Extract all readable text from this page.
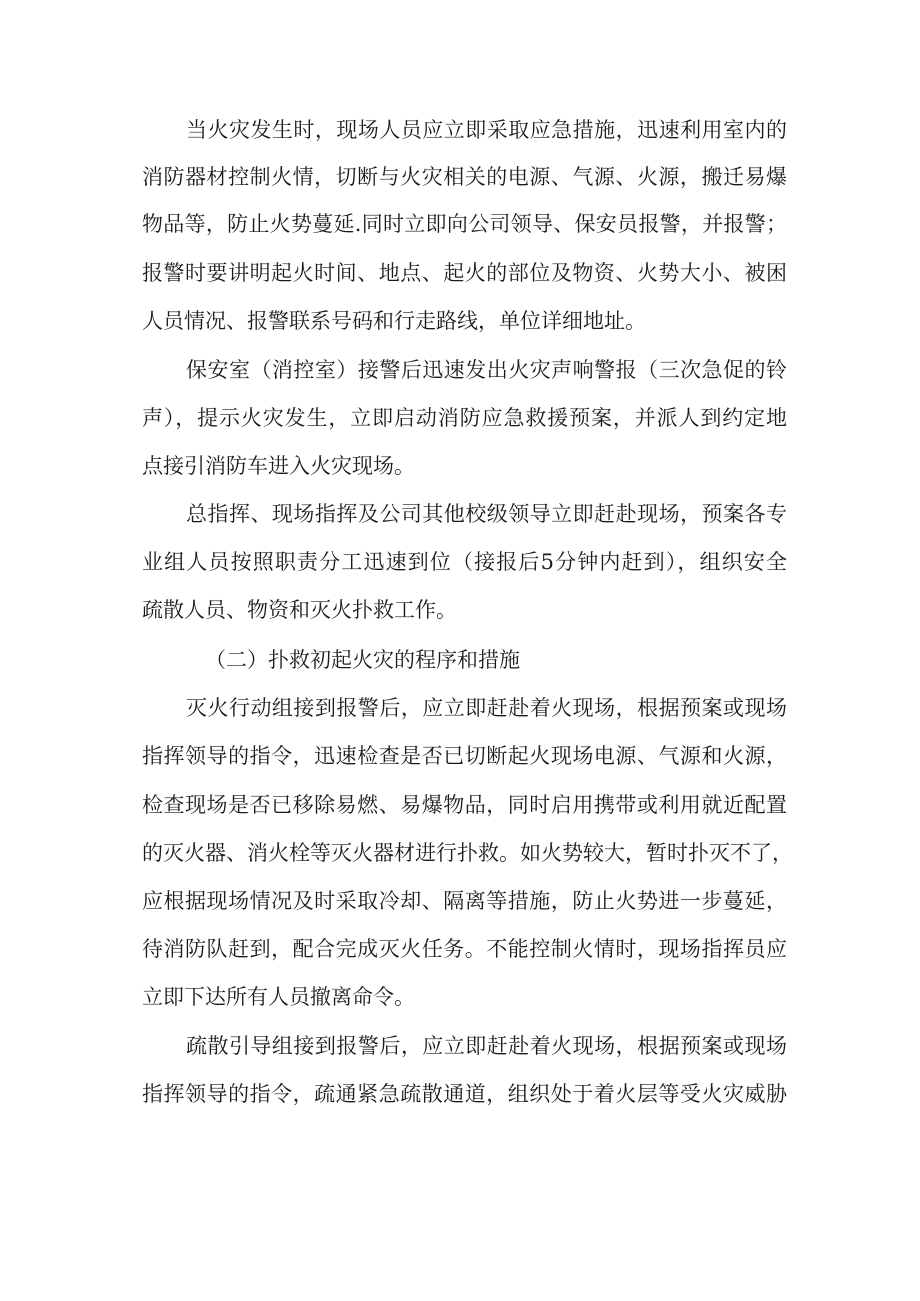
当火灾发生时，现场人员应立即采取应急措施，迅速利用室内的
消防器材控制火情，切断与火灾相关的电源、气源、火源，搬迁易爆
物品等，防止火势蔓延.同时立即向公司领导、保安员报警，并报警；
报警时要讲明起火时间、地点、起火的部位及物资、火势大小、被困
人员情况、报警联系号码和行走路线，单位详细地址。
保安室（消控室）接警后迅速发出火灾声响警报（三次急促的铃
声），提示火灾发生，立即启动消防应急救援预案，并派人到约定地
点接引消防车进入火灾现场。
总指挥、现场指挥及公司其他校级领导立即赶赴现场，预案各专
业组人员按照职责分工迅速到位（接报后5分钟内赶到），组织安全
疏散人员、物资和灭火扑救工作。
（二）扑救初起火灾的程序和措施
灭火行动组接到报警后，应立即赶赴着火现场，根据预案或现场
指挥领导的指令，迅速检查是否已切断起火现场电源、气源和火源，
检查现场是否已移除易燃、易爆物品，同时启用携带或利用就近配置
的灭火器、消火栓等灭火器材进行扑救。如火势较大，暂时扑灭不了，
应根据现场情况及时采取冷却、隔离等措施，防止火势进一步蔓延，
待消防队赶到，配合完成灭火任务。不能控制火情时，现场指挥员应
立即下达所有人员撤离命令。
疏散引导组接到报警后，应立即赶赴着火现场，根据预案或现场
指挥领导的指令，疏通紧急疏散通道，组织处于着火层等受火灾威胁
